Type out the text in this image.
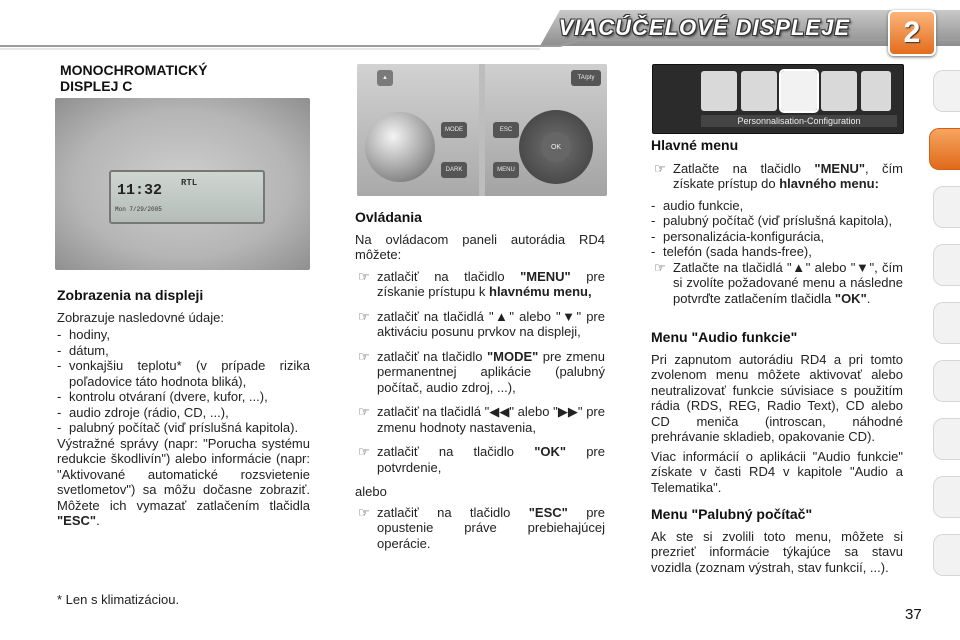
VIACÚČELOVÉ DISPLEJE	2
MONOCHROMATICKÝ
DISPLEJ C
11:32 RTL
Mon 7/29/2005
Zobrazenia na displeji

Zobrazuje nasledovné údaje:

- hodiny,
- dátum,
- vonkajšiu teplotu* (v prípade rizika poľadovice táto hodnota bliká),
- kontrolu otváraní (dvere, kufor, ...),
- audio zdroje (rádio, CD, ...),
- palubný počítač (viď príslušná kapitola).

Výstražné správy (napr: "Porucha systému redukcie škodlivín") alebo informácie (napr: "Aktivované automatické rozsvietenie svetlometov") sa môžu dočasne zobraziť. Môžete ich vymazať zatlačením tlačidla "ESC".

* Len s klimatizáciou.
▲
MODE
DARK
TA/pty
ESC
MENU
OK
Ovládania

Na ovládacom paneli autorádia RD4 môžete:

☞ zatlačiť na tlačidlo "MENU" pre získanie prístupu k hlavnému menu,
☞ zatlačiť na tlačidlá "▲" alebo "▼" pre aktiváciu posunu prvkov na displeji,
☞ zatlačiť na tlačidlo "MODE" pre zmenu permanentnej aplikácie (palubný počítač, audio zdroj, ...),
☞ zatlačiť na tlačidlá "◀◀" alebo "▶▶" pre zmenu hodnoty nastavenia,
☞ zatlačiť na tlačidlo "OK" pre potvrdenie,

alebo

☞ zatlačiť na tlačidlo "ESC" pre opustenie práve prebiehajúcej operácie.
Personnalisation-Configuration
Hlavné menu
☞ Zatlačte na tlačidlo "MENU", čím získate prístup do hlavného menu:
- audio funkcie,
- palubný počítač (viď príslušná kapitola),
- personalizácia-konfigurácia,
- telefón (sada hands-free),
☞ Zatlačte na tlačidlá "▲" alebo "▼", čím si zvolíte požadované menu a následne potvrďte zatlačením tlačidla "OK".
Menu "Audio funkcie"

Pri zapnutom autorádiu RD4 a pri tomto zvolenom menu môžete aktivovať alebo neutralizovať funkcie súvisiace s použitím rádia (RDS, REG, Radio Text), CD alebo CD meniča (introscan, náhodné prehrávanie skladieb, opakovanie CD).

Viac informácií o aplikácii "Audio funkcie" získate v časti RD4 v kapitole "Audio a Telematika".

Menu "Palubný počítač"

Ak ste si zvolili toto menu, môžete si prezrieť informácie týkajúce sa stavu vozidla (zoznam výstrah, stav funkcií, ...).

37
